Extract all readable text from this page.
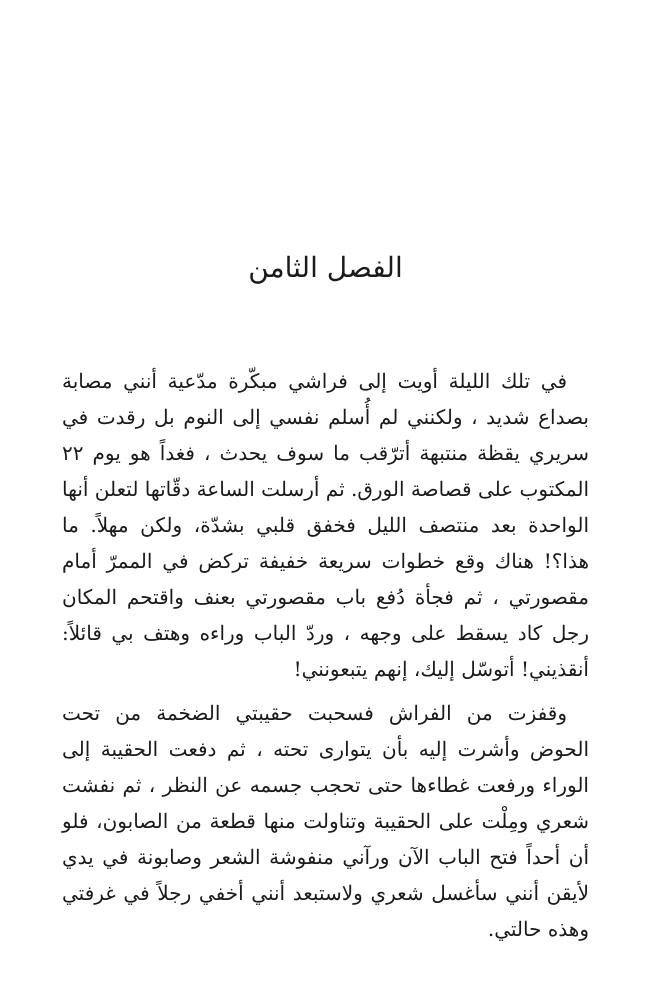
الفصل الثامن

في تلك الليلة أويت إلى فراشي مبكّرة مدّعية أنني مصابة بصداع شديد ، ولكنني لم أُسلم نفسي إلى النوم بل رقدت في سريري يقظة منتبهة أترّقب ما سوف يحدث ، فغداً هو يوم ٢٢ المكتوب على قصاصة الورق. ثم أرسلت الساعة دقّاتها لتعلن أنها الواحدة بعد منتصف الليل فخفق قلبي بشدّة، ولكن مهلاً. ما هذا؟! هناك وقع خطوات سريعة خفيفة تركض في الممرّ أمام مقصورتي ، ثم فجأة دُفع باب مقصورتي بعنف واقتحم المكان رجل كاد يسقط على وجهه ، وردّ الباب وراءه وهتف بي قائلاً: أنقذيني! أتوسّل إليك، إنهم يتبعونني!

وقفزت من الفراش فسحبت حقيبتي الضخمة من تحت الحوض وأشرت إليه بأن يتوارى تحته ، ثم دفعت الحقيبة إلى الوراء ورفعت غطاءها حتى تحجب جسمه عن النظر ، ثم نفشت شعري ومِلْت على الحقيبة وتناولت منها قطعة من الصابون، فلو أن أحداً فتح الباب الآن ورآني منفوشة الشعر وصابونة في يدي لأيقن أنني سأغسل شعري ولاستبعد أنني أخفي رجلاً في غرفتي وهذه حالتي.
